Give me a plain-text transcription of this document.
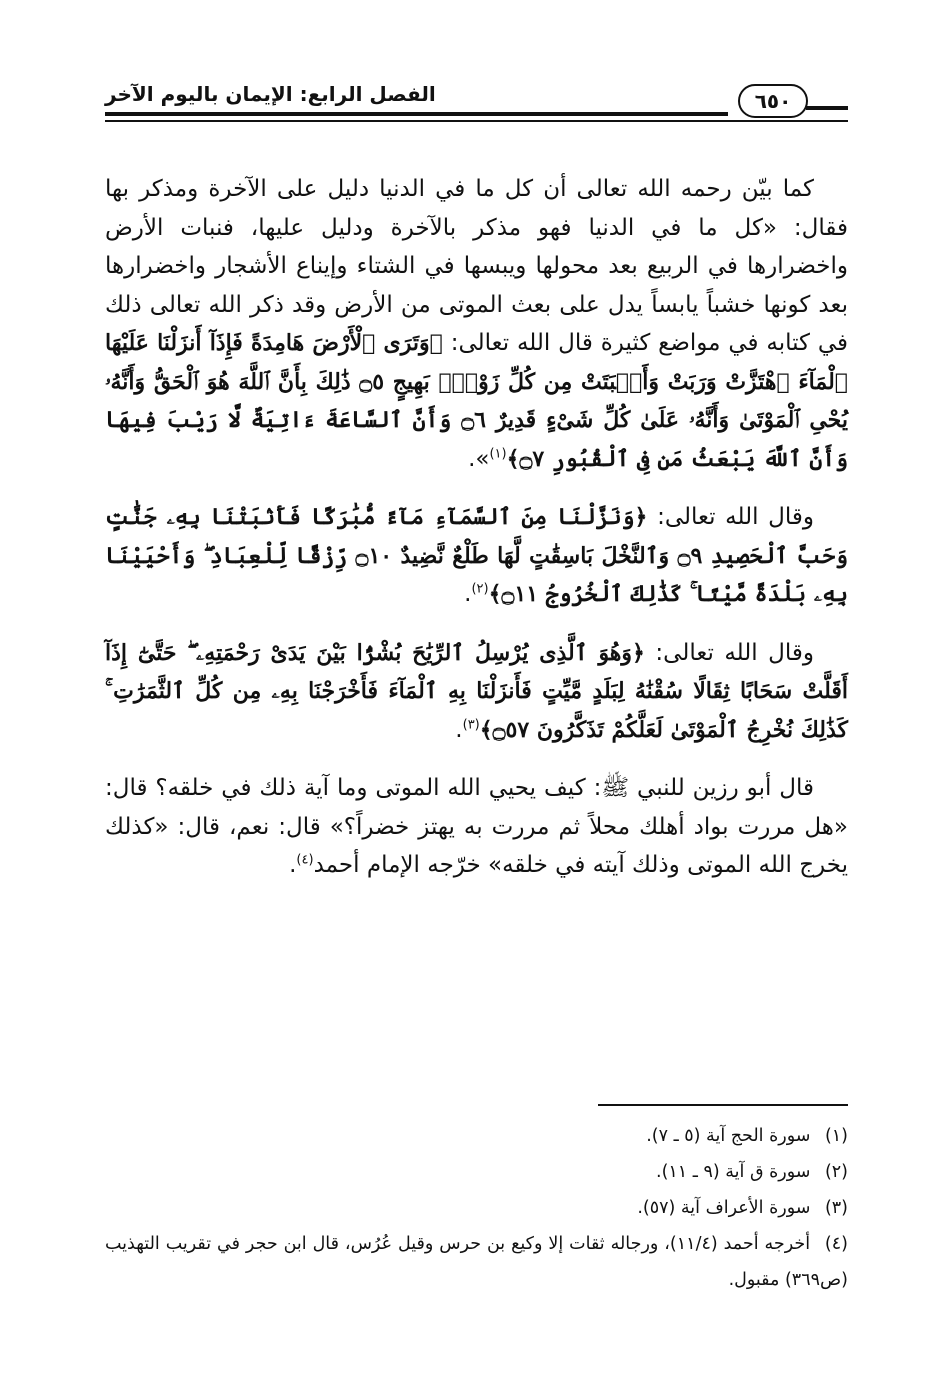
الفصل الرابع: الإيمان باليوم الآخر	٦٥٠

كما بيّن رحمه الله تعالى أن كل ما في الدنيا دليل على الآخرة ومذكر بها فقال: «كل ما في الدنيا فهو مذكر بالآخرة ودليل عليها، فنبات الأرض واخضرارها في الربيع بعد محولها ويبسها في الشتاء وإيناع الأشجار واخضرارها بعد كونها خشباً يابساً يدل على بعث الموتى من الأرض وقد ذكر الله تعالى ذلك في كتابه في مواضع كثيرة قال الله تعالى: ﴿وَتَرَى ٱلْأَرْضَ هَامِدَةً فَإِذَآ أَنزَلْنَا عَلَيْهَا ٱلْمَآءَ ٱهْتَزَّتْ وَرَبَتْ وَأَنۢبَتَتْ مِن كُلِّ زَوْجٍۭ بَهِيجٍ ۝٥ ذَٰلِكَ بِأَنَّ ٱللَّهَ هُوَ ٱلْحَقُّ وَأَنَّهُۥ يُحْىِ ٱلْمَوْتَىٰ وَأَنَّهُۥ عَلَىٰ كُلِّ شَىْءٍ قَدِيرٌ ۝٦ وَأَنَّ ٱلسَّاعَةَ ءَاتِيَةٌ لَّا رَيْبَ فِيهَا وَأَنَّ ٱللَّهَ يَبْعَثُ مَن فِى ٱلْقُبُورِ ۝٧﴾$^{(١)}$».

وقال الله تعالى: ﴿وَنَزَّلْنَا مِنَ ٱلسَّمَآءِ مَآءً مُّبَٰرَكًا فَأَنۢبَتْنَا بِهِۦ جَنَّٰتٍ وَحَبَّ ٱلْحَصِيدِ ۝٩ وَٱلنَّخْلَ بَاسِقَٰتٍ لَّهَا طَلْعٌ نَّضِيدٌ ۝١٠ رِّزْقًا لِّلْعِبَادِ ۖ وَأَحْيَيْنَا بِهِۦ بَلْدَةً مَّيْتًا ۚ كَذَٰلِكَ ٱلْخُرُوجُ ۝١١﴾$^{(٢)}$.

وقال الله تعالى: ﴿وَهُوَ ٱلَّذِى يُرْسِلُ ٱلرِّيَٰحَ بُشْرًۢا بَيْنَ يَدَىْ رَحْمَتِهِۦ ۖ حَتَّىٰٓ إِذَآ أَقَلَّتْ سَحَابًا ثِقَالًا سُقْنَٰهُ لِبَلَدٍ مَّيِّتٍ فَأَنزَلْنَا بِهِ ٱلْمَآءَ فَأَخْرَجْنَا بِهِۦ مِن كُلِّ ٱلثَّمَرَٰتِ ۚ كَذَٰلِكَ نُخْرِجُ ٱلْمَوْتَىٰ لَعَلَّكُمْ تَذَكَّرُونَ ۝٥٧﴾$^{(٣)}$.

قال أبو رزين للنبي ﷺ: كيف يحيي الله الموتى وما آية ذلك في خلقه؟ قال: «هل مررت بواد أهلك محلاً ثم مررت به يهتز خضراً؟» قال: نعم، قال: «كذلك يخرج الله الموتى وذلك آيته في خلقه» خرّجه الإمام أحمد$^{(٤)}$.

(١) سورة الحج آية (٥ ـ ٧).

(٢) سورة ق آية (٩ ـ ١١).

(٣) سورة الأعراف آية (٥٧).

(٤) أخرجه أحمد (١١/٤)، ورجاله ثقات إلا وكيع بن حرس وقيل عُرُس، قال ابن حجر في تقريب التهذيب (ص٣٦٩) مقبول.
